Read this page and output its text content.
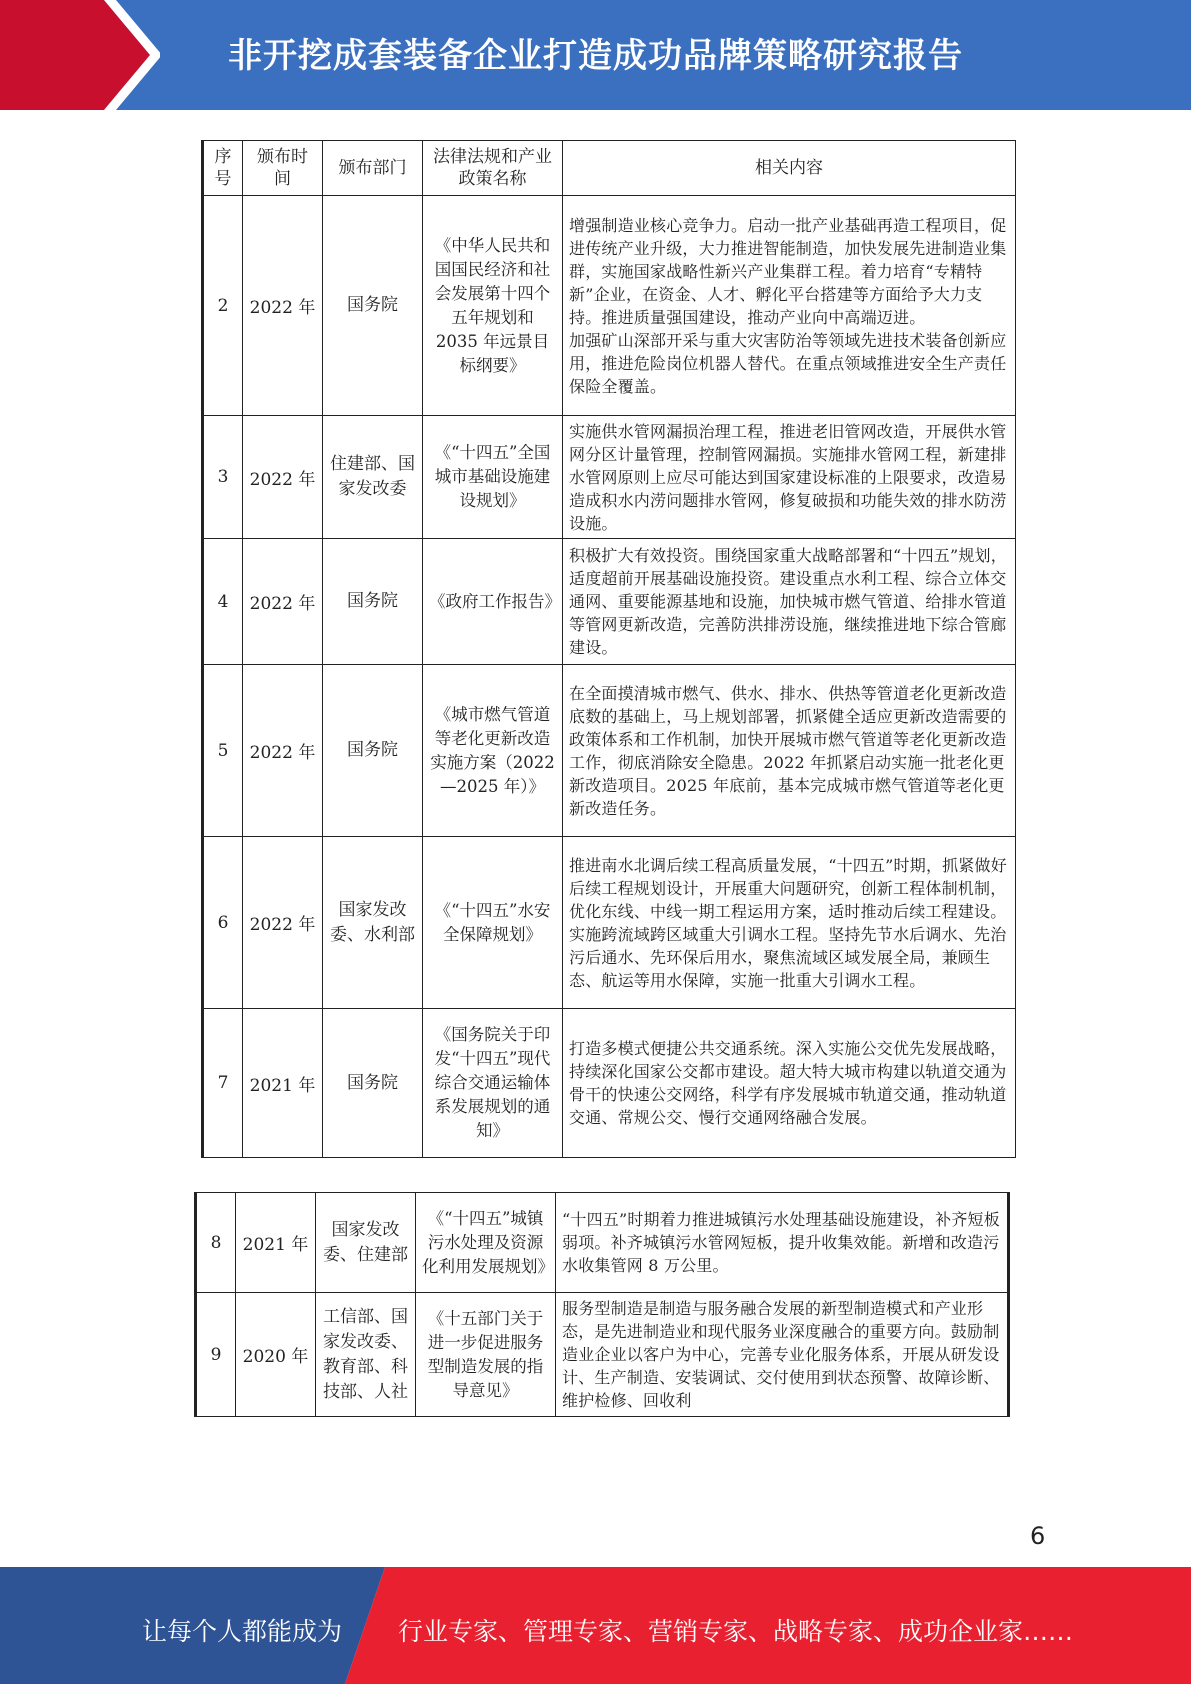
非开挖成套装备企业打造成功品牌策略研究报告
序号	颁布时间	颁布部门	法律法规和产业政策名称	相关内容
2	2022 年	国务院	《中华人民共和国国民经济和社会发展第十四个五年规划和 2035 年远景目标纲要》	增强制造业核心竞争力。启动一批产业基础再造工程项目，促进传统产业升级，大力推进智能制造，加快发展先进制造业集群，实施国家战略性新兴产业集群工程。着力培育“专精特新”企业，在资金、人才、孵化平台搭建等方面给予大力支持。推进质量强国建设，推动产业向中高端迈进。
加强矿山深部开采与重大灾害防治等领域先进技术装备创新应用，推进危险岗位机器人替代。在重点领域推进安全生产责任保险全覆盖。

3	2022 年	住建部、国家发改委	《“十四五”全国城市基础设施建设规划》	实施供水管网漏损治理工程，推进老旧管网改造，开展供水管网分区计量管理，控制管网漏损。实施排水管网工程，新建排水管网原则上应尽可能达到国家建设标准的上限要求，改造易造成积水内涝问题排水管网，修复破损和功能失效的排水防涝设施。

4	2022 年	国务院	《政府工作报告》	积极扩大有效投资。围绕国家重大战略部署和“十四五”规划，适度超前开展基础设施投资。建设重点水利工程、综合立体交通网、重要能源基地和设施，加快城市燃气管道、给排水管道等管网更新改造，完善防洪排涝设施，继续推进地下综合管廊建设。

5	2022 年	国务院	《城市燃气管道等老化更新改造实施方案（2022—2025 年）》	在全面摸清城市燃气、供水、排水、供热等管道老化更新改造底数的基础上，马上规划部署，抓紧健全适应更新改造需要的政策体系和工作机制，加快开展城市燃气管道等老化更新改造工作，彻底消除安全隐患。2022 年抓紧启动实施一批老化更新改造项目。2025 年底前，基本完成城市燃气管道等老化更新改造任务。

6	2022 年	国家发改委、水利部	《“十四五”水安全保障规划》	推进南水北调后续工程高质量发展，“十四五”时期，抓紧做好后续工程规划设计，开展重大问题研究，创新工程体制机制，优化东线、中线一期工程运用方案，适时推动后续工程建设。实施跨流域跨区域重大引调水工程。坚持先节水后调水、先治污后通水、先环保后用水，聚焦流域区域发展全局，兼顾生态、航运等用水保障，实施一批重大引调水工程。

7	2021 年	国务院	《国务院关于印发“十四五”现代综合交通运输体系发展规划的通知》	打造多模式便捷公共交通系统。深入实施公交优先发展战略，持续深化国家公交都市建设。超大特大城市构建以轨道交通为骨干的快速公交网络，科学有序发展城市轨道交通，推动轨道交通、常规公交、慢行交通网络融合发展。
8	2021 年	国家发改委、住建部	《“十四五”城镇污水处理及资源化利用发展规划》	“十四五”时期着力推进城镇污水处理基础设施建设，补齐短板弱项。补齐城镇污水管网短板，提升收集效能。新增和改造污水收集管网 8 万公里。

9	2020 年	工信部、国家发改委、教育部、科技部、人社	《十五部门关于进一步促进服务型制造发展的指导意见》	服务型制造是制造与服务融合发展的新型制造模式和产业形态，是先进制造业和现代服务业深度融合的重要方向。鼓励制造业企业以客户为中心，完善专业化服务体系，开展从研发设计、生产制造、安装调试、交付使用到状态预警、故障诊断、维护检修、回收利
6
让每个人都能成为 行业专家、管理专家、营销专家、战略专家、成功企业家……
